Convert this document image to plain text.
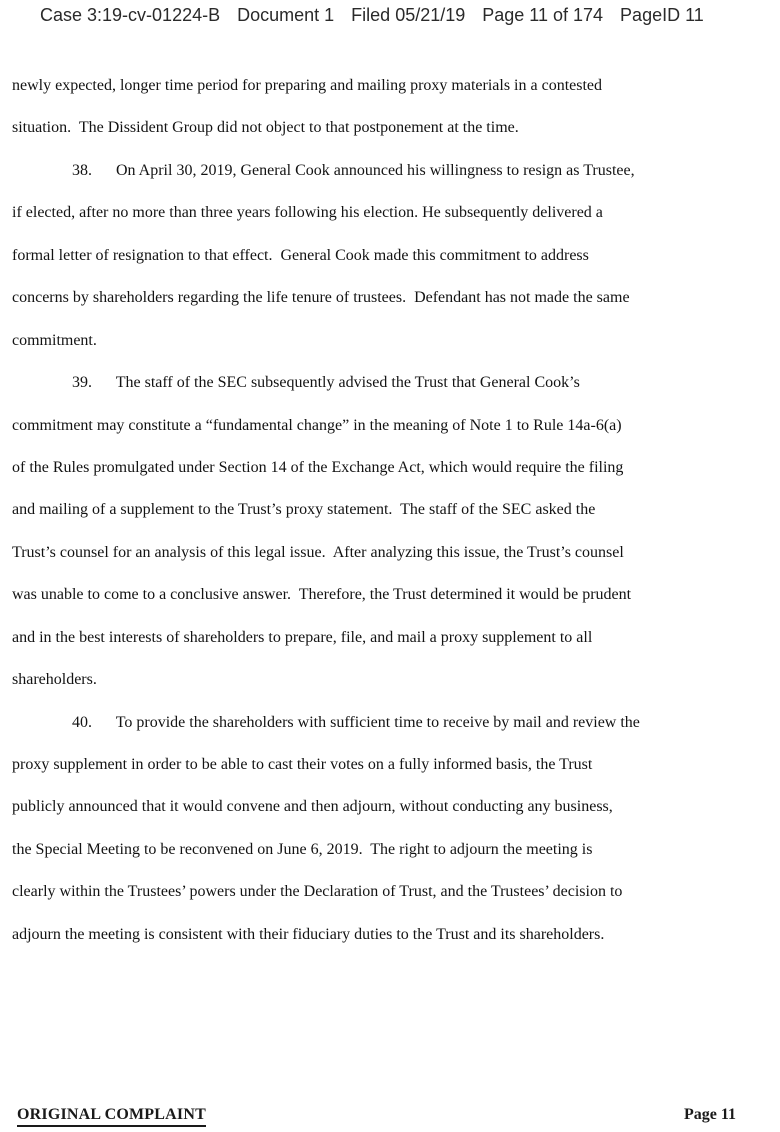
Case 3:19-cv-01224-B Document 1 Filed 05/21/19 Page 11 of 174 PageID 11
newly expected, longer time period for preparing and mailing proxy materials in a contested
situation.  The Dissident Group did not object to that postponement at the time.
38.      On April 30, 2019, General Cook announced his willingness to resign as Trustee,
if elected, after no more than three years following his election. He subsequently delivered a
formal letter of resignation to that effect.  General Cook made this commitment to address
concerns by shareholders regarding the life tenure of trustees.  Defendant has not made the same
commitment.
39.      The staff of the SEC subsequently advised the Trust that General Cook’s
commitment may constitute a “fundamental change” in the meaning of Note 1 to Rule 14a-6(a)
of the Rules promulgated under Section 14 of the Exchange Act, which would require the filing
and mailing of a supplement to the Trust’s proxy statement.  The staff of the SEC asked the
Trust’s counsel for an analysis of this legal issue.  After analyzing this issue, the Trust’s counsel
was unable to come to a conclusive answer.  Therefore, the Trust determined it would be prudent
and in the best interests of shareholders to prepare, file, and mail a proxy supplement to all
shareholders.
40.      To provide the shareholders with sufficient time to receive by mail and review the
proxy supplement in order to be able to cast their votes on a fully informed basis, the Trust
publicly announced that it would convene and then adjourn, without conducting any business,
the Special Meeting to be reconvened on June 6, 2019.  The right to adjourn the meeting is
clearly within the Trustees’ powers under the Declaration of Trust, and the Trustees’ decision to
adjourn the meeting is consistent with their fiduciary duties to the Trust and its shareholders.
ORIGINAL COMPLAINT	Page 11
